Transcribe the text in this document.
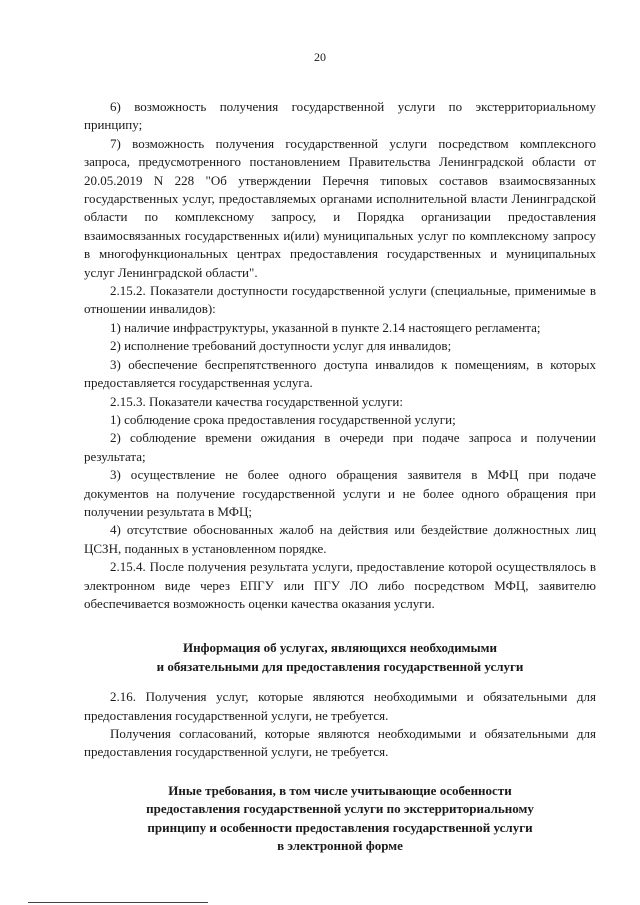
20

6) возможность получения государственной услуги по экстерриториальному принципу;

7) возможность получения государственной услуги посредством комплексного запроса, предусмотренного постановлением Правительства Ленинградской области от 20.05.2019 N 228 "Об утверждении Перечня типовых составов взаимосвязанных государственных услуг, предоставляемых органами исполнительной власти Ленинградской области по комплексному запросу, и Порядка организации предоставления взаимосвязанных государственных и(или) муниципальных услуг по комплексному запросу в многофункциональных центрах предоставления государственных и муниципальных услуг Ленинградской области".

2.15.2. Показатели доступности государственной услуги (специальные, применимые в отношении инвалидов):

1) наличие инфраструктуры, указанной в пункте 2.14 настоящего регламента;

2) исполнение требований доступности услуг для инвалидов;

3) обеспечение беспрепятственного доступа инвалидов к помещениям, в которых предоставляется государственная услуга.

2.15.3. Показатели качества государственной услуги:

1) соблюдение срока предоставления государственной услуги;

2) соблюдение времени ожидания в очереди при подаче запроса и получении результата;

3) осуществление не более одного обращения заявителя в МФЦ при подаче документов на получение государственной услуги и не более одного обращения при получении результата в МФЦ;

4) отсутствие обоснованных жалоб на действия или бездействие должностных лиц ЦСЗН, поданных в установленном порядке.

2.15.4. После получения результата услуги, предоставление которой осуществлялось в электронном виде через ЕПГУ или ПГУ ЛО либо посредством МФЦ, заявителю обеспечивается возможность оценки качества оказания услуги.

Информация об услугах, являющихся необходимыми
и обязательными для предоставления государственной услуги

2.16. Получения услуг, которые являются необходимыми и обязательными для предоставления государственной услуги, не требуется.

Получения согласований, которые являются необходимыми и обязательными для предоставления государственной услуги, не требуется.

Иные требования, в том числе учитывающие особенности
предоставления государственной услуги по экстерриториальному
принципу и особенности предоставления государственной услуги
в электронной форме
